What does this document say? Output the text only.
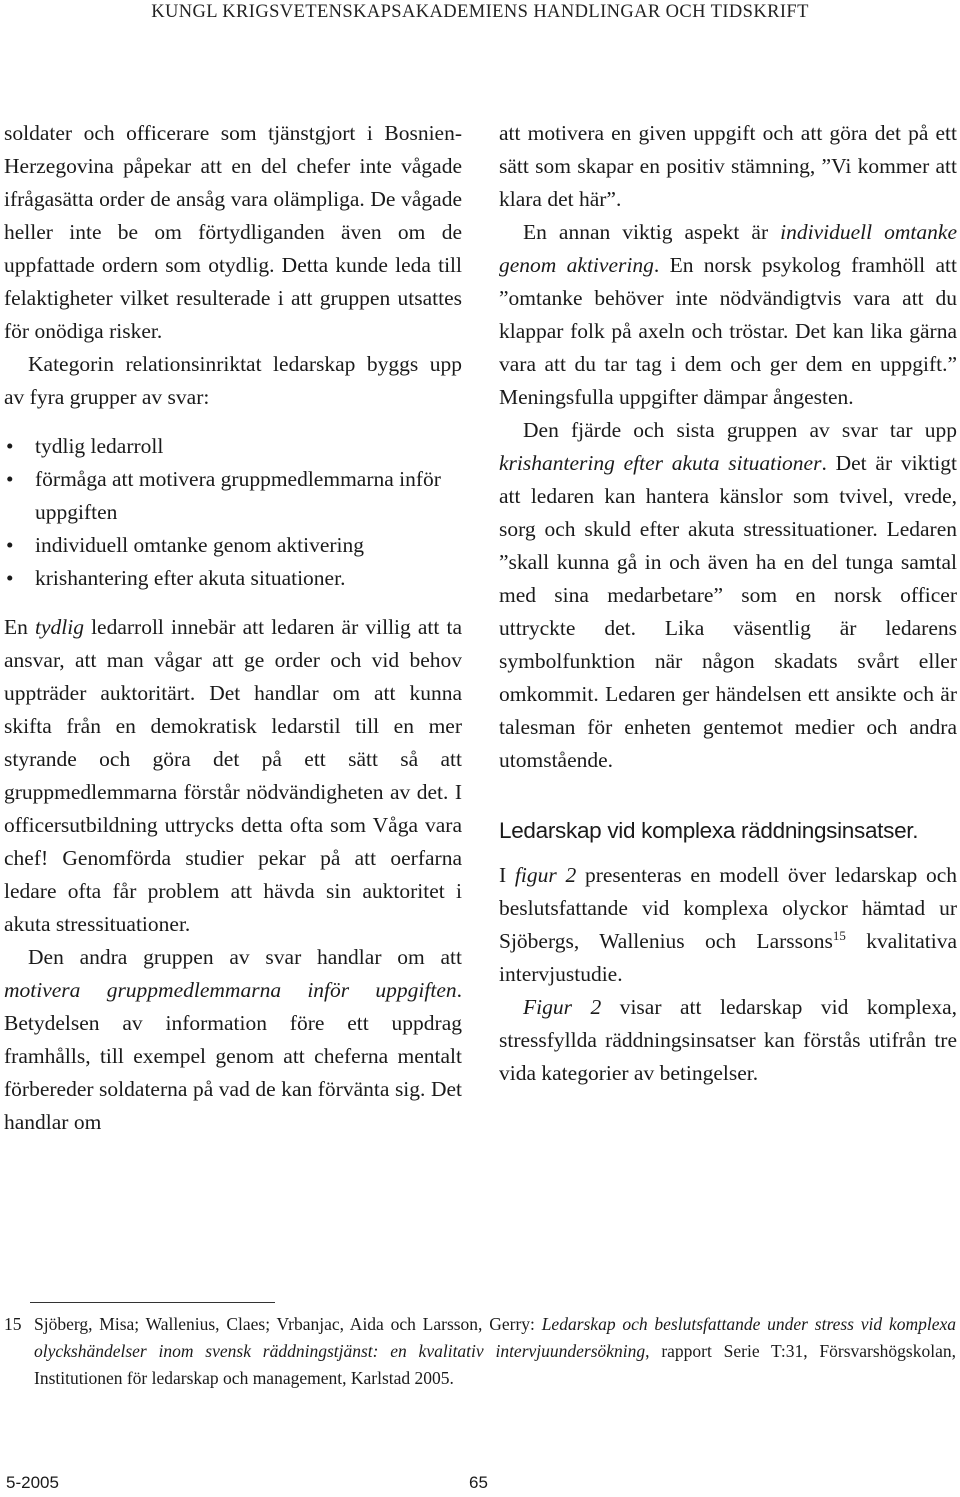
KUNGL KRIGSVETENSKAPSAKADEMIENS HANDLINGAR OCH TIDSKRIFT

soldater och officerare som tjänstgjort i Bosnien-Herzegovina påpekar att en del chefer inte vågade ifrågasätta order de ansåg vara olämpliga. De vågade heller inte be om förtydliganden även om de uppfattade ordern som otydlig. Detta kunde leda till felaktigheter vilket resulterade i att gruppen utsattes för onödiga risker.

Kategorin relationsinriktat ledarskap byggs upp av fyra grupper av svar:

• tydlig ledarroll
• förmåga att motivera gruppmedlemmarna inför uppgiften
• individuell omtanke genom aktivering
• krishantering efter akuta situationer.

En tydlig ledarroll innebär att ledaren är villig att ta ansvar, att man vågar att ge order och vid behov uppträder auktoritärt. Det handlar om att kunna skifta från en demokratisk ledarstil till en mer styrande och göra det på ett sätt så att gruppmedlemmarna förstår nödvändigheten av det. I officersutbildning uttrycks detta ofta som Våga vara chef! Genomförda studier pekar på att oerfarna ledare ofta får problem att hävda sin auktoritet i akuta stressituationer.

Den andra gruppen av svar handlar om att motivera gruppmedlemmarna inför uppgiften. Betydelsen av information före ett uppdrag framhålls, till exempel genom att cheferna mentalt förbereder soldaterna på vad de kan förvänta sig. Det handlar om

att motivera en given uppgift och att göra det på ett sätt som skapar en positiv stämning, ”Vi kommer att klara det här”.

En annan viktig aspekt är individuell omtanke genom aktivering. En norsk psykolog framhöll att ”omtanke behöver inte nödvändigtvis vara att du klappar folk på axeln och tröstar. Det kan lika gärna vara att du tar tag i dem och ger dem en uppgift.” Meningsfulla uppgifter dämpar ångesten.

Den fjärde och sista gruppen av svar tar upp krishantering efter akuta situationer. Det är viktigt att ledaren kan hantera känslor som tvivel, vrede, sorg och skuld efter akuta stressituationer. Ledaren ”skall kunna gå in och även ha en del tunga samtal med sina medarbetare” som en norsk officer uttryckte det. Lika väsentlig är ledarens symbolfunktion när någon skadats svårt eller omkommit. Ledaren ger händelsen ett ansikte och är talesman för enheten gentemot medier och andra utomstående.

Ledarskap vid komplexa räddningsinsatser.

I figur 2 presenteras en modell över ledarskap och beslutsfattande vid komplexa olyckor hämtad ur Sjöbergs, Wallenius och Larssons$^{15}$ kvalitativa intervjustudie.

Figur 2 visar att ledarskap vid komplexa, stressfyllda räddningsinsatser kan förstås utifrån tre vida kategorier av betingelser.

15 Sjöberg, Misa; Wallenius, Claes; Vrbanjac, Aida och Larsson, Gerry: Ledarskap och beslutsfattande under stress vid komplexa olyckshändelser inom svensk räddningstjänst: en kvalitativ intervjuundersökning, rapport Serie T:31, Försvarshögskolan, Institutionen för ledarskap och management, Karlstad 2005.
5-2005	65
